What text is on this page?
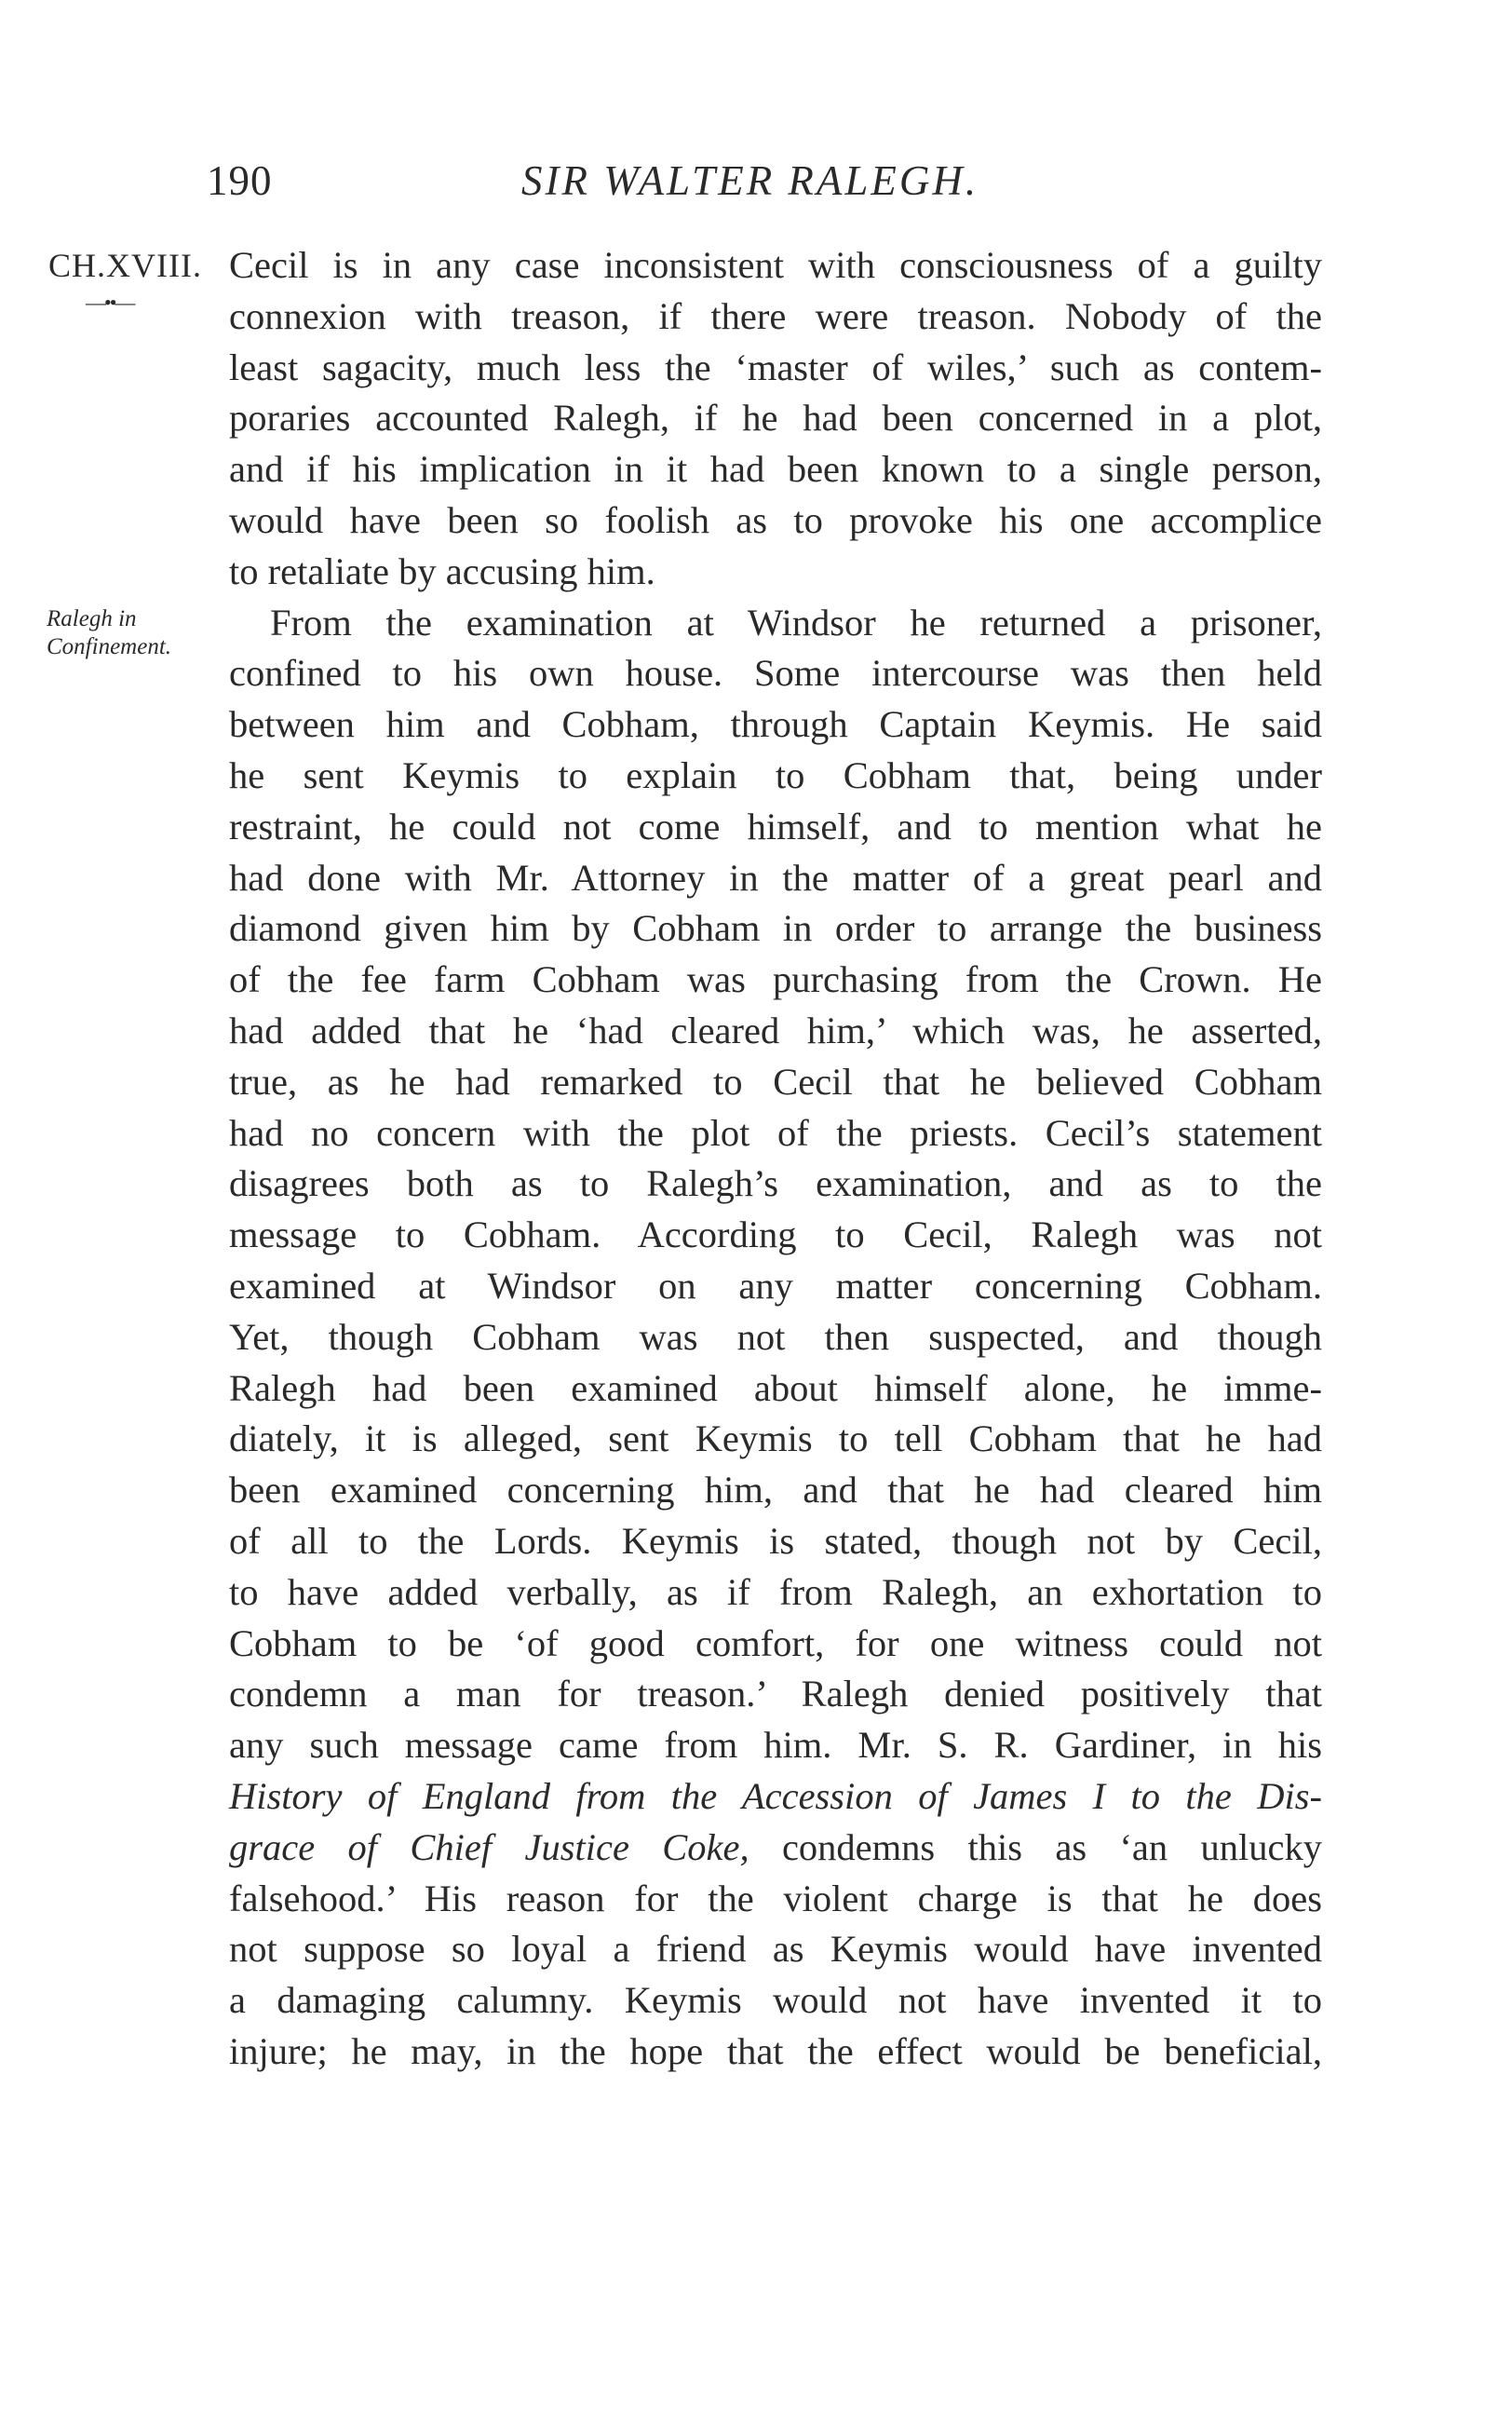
190	SIR WALTER RALEGH.
CH.XVIII.
—••—
Ralegh in
Confinement.
Cecil is in any case inconsistent with consciousness of a guilty
connexion with treason, if there were treason. Nobody of the
least sagacity, much less the ‘master of wiles,’ such as contem-
poraries accounted Ralegh, if he had been concerned in a plot,
and if his implication in it had been known to a single person,
would have been so foolish as to provoke his one accomplice
to retaliate by accusing him.
From the examination at Windsor he returned a prisoner,
confined to his own house. Some intercourse was then held
between him and Cobham, through Captain Keymis. He said
he sent Keymis to explain to Cobham that, being under
restraint, he could not come himself, and to mention what he
had done with Mr. Attorney in the matter of a great pearl and
diamond given him by Cobham in order to arrange the business
of the fee farm Cobham was purchasing from the Crown. He
had added that he ‘had cleared him,’ which was, he asserted,
true, as he had remarked to Cecil that he believed Cobham
had no concern with the plot of the priests. Cecil’s statement
disagrees both as to Ralegh’s examination, and as to the
message to Cobham. According to Cecil, Ralegh was not
examined at Windsor on any matter concerning Cobham.
Yet, though Cobham was not then suspected, and though
Ralegh had been examined about himself alone, he imme-
diately, it is alleged, sent Keymis to tell Cobham that he had
been examined concerning him, and that he had cleared him
of all to the Lords. Keymis is stated, though not by Cecil,
to have added verbally, as if from Ralegh, an exhortation to
Cobham to be ‘of good comfort, for one witness could not
condemn a man for treason.’ Ralegh denied positively that
any such message came from him. Mr. S. R. Gardiner, in his
History of England from the Accession of James I to the Dis-
grace of Chief Justice Coke, condemns this as ‘an unlucky
falsehood.’ His reason for the violent charge is that he does
not suppose so loyal a friend as Keymis would have invented
a damaging calumny. Keymis would not have invented it to
injure; he may, in the hope that the effect would be beneficial,
